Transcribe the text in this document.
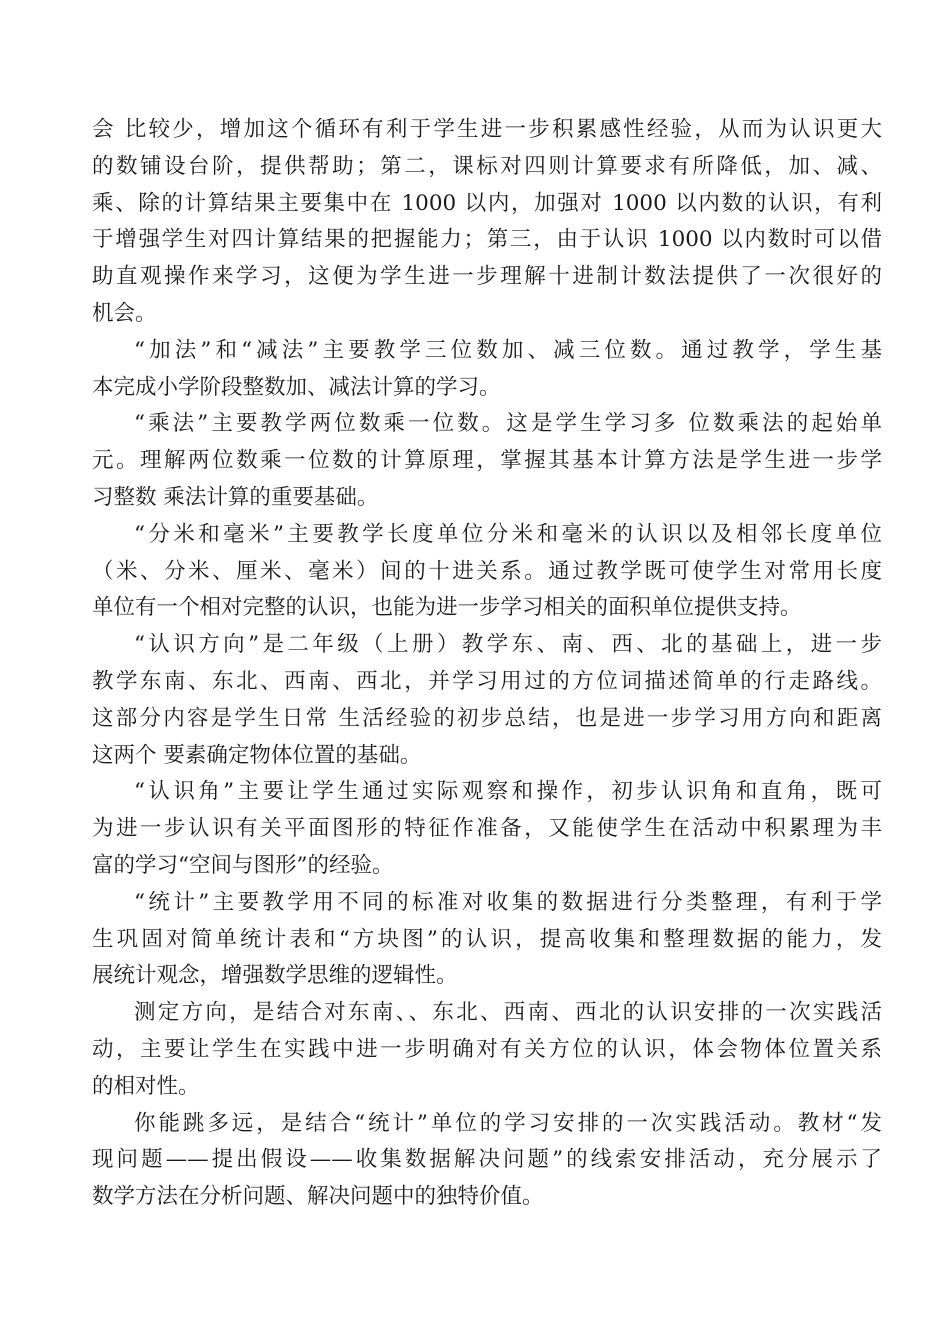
会 比较少，增加这个循环有利于学生进一步积累感性经验，从而为认识更大
的数铺设台阶，提供帮助；第二，课标对四则计算要求有所降低，加、减、
乘、除的计算结果主要集中在 1000 以内，加强对 1000 以内数的认识，有利
于增强学生对四计算结果的把握能力；第三，由于认识 1000 以内数时可以借
助直观操作来学习，这便为学生进一步理解十进制计数法提供了一次很好的
机会。
“加法”和“减法”主要教学三位数加、减三位数。通过教学，学生基
本完成小学阶段整数加、减法计算的学习。
“乘法”主要教学两位数乘一位数。这是学生学习多 位数乘法的起始单
元。理解两位数乘一位数的计算原理，掌握其基本计算方法是学生进一步学
习整数 乘法计算的重要基础。
“分米和毫米”主要教学长度单位分米和毫米的认识以及相邻长度单位
（米、分米、厘米、毫米）间的十进关系。通过教学既可使学生对常用长度
单位有一个相对完整的认识，也能为进一步学习相关的面积单位提供支持。
“认识方向”是二年级（上册）教学东、南、西、北的基础上，进一步
教学东南、东北、西南、西北，并学习用过的方位词描述简单的行走路线。
这部分内容是学生日常 生活经验的初步总结，也是进一步学习用方向和距离
这两个 要素确定物体位置的基础。
“认识角”主要让学生通过实际观察和操作，初步认识角和直角，既可
为进一步认识有关平面图形的特征作准备，又能使学生在活动中积累理为丰
富的学习“空间与图形”的经验。
“统计”主要教学用不同的标准对收集的数据进行分类整理，有利于学
生巩固对简单统计表和“方块图”的认识，提高收集和整理数据的能力，发
展统计观念，增强数学思维的逻辑性。
测定方向，是结合对东南、、东北、西南、西北的认识安排的一次实践活
动，主要让学生在实践中进一步明确对有关方位的认识，体会物体位置关系
的相对性。
你能跳多远，是结合“统计”单位的学习安排的一次实践活动。教材“发
现问题——提出假设——收集数据解决问题”的线索安排活动，充分展示了
数学方法在分析问题、解决问题中的独特价值。
